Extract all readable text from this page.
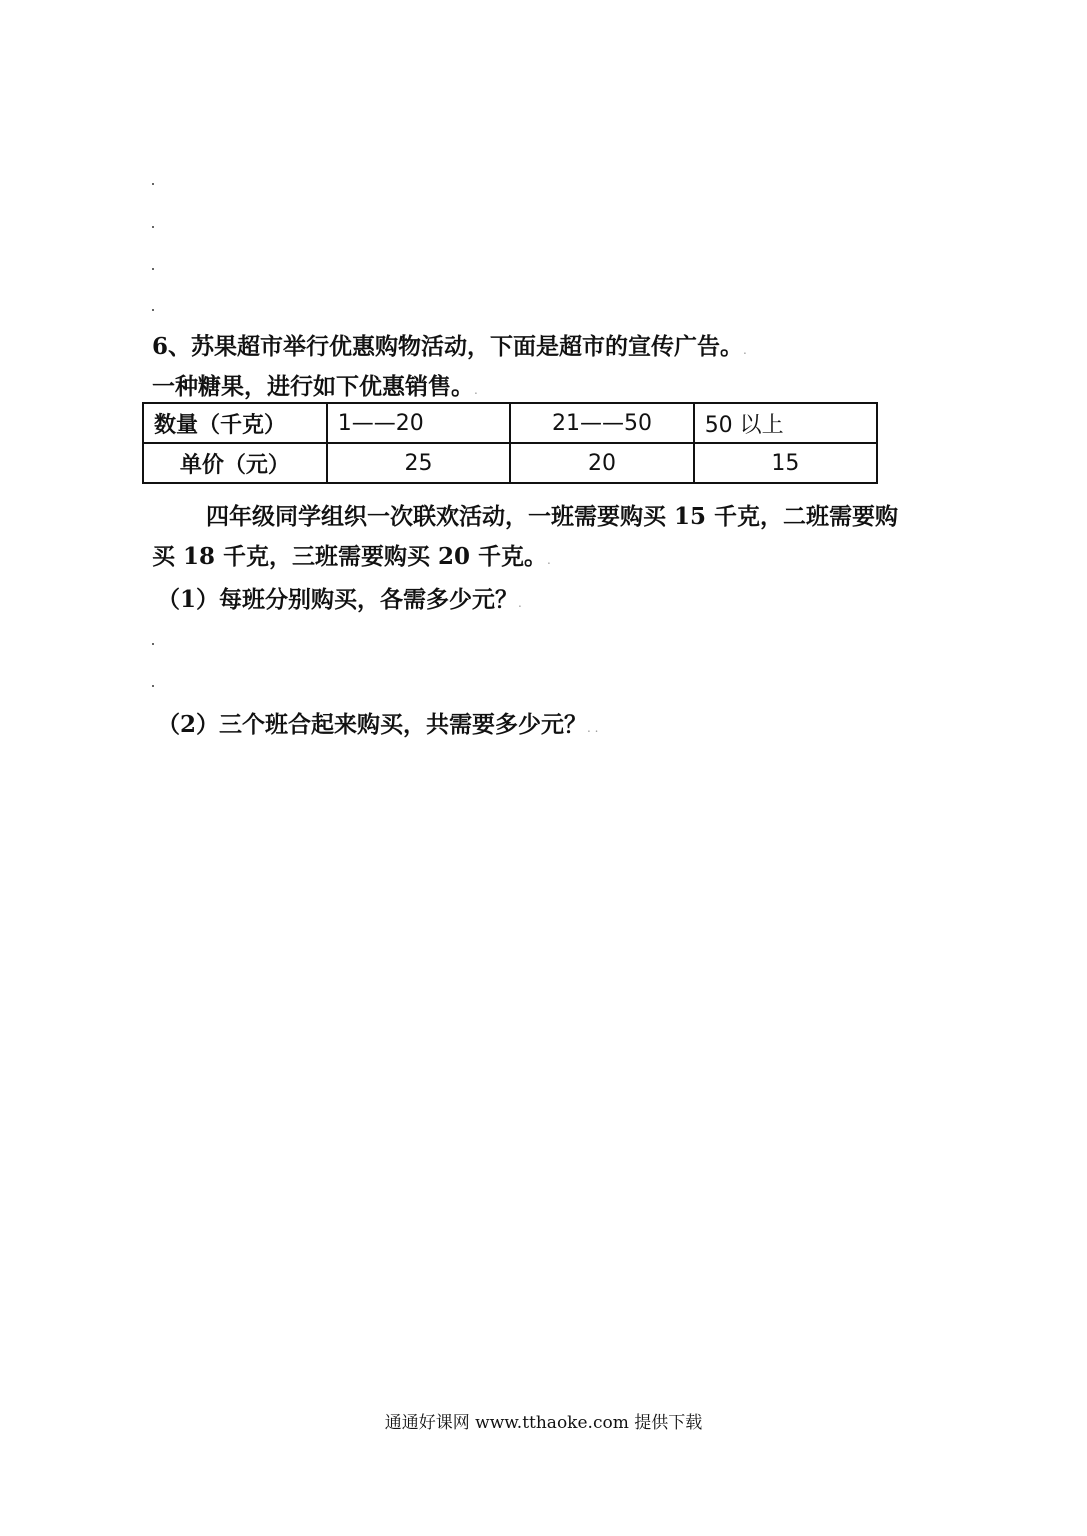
6、苏果超市举行优惠购物活动，下面是超市的宣传广告。.
一种糖果，进行如下优惠销售。.
数量（千克）	1——20	21——50	50 以上
单价（元）	25	20	15
四年级同学组织一次联欢活动，一班需要购买 15 千克，二班需要购
买 18 千克，三班需要购买 20 千克。.
（1）每班分别购买，各需多少元？.
（2）三个班合起来购买，共需要多少元？. .
通通好课网 www.tthaoke.com 提供下载
